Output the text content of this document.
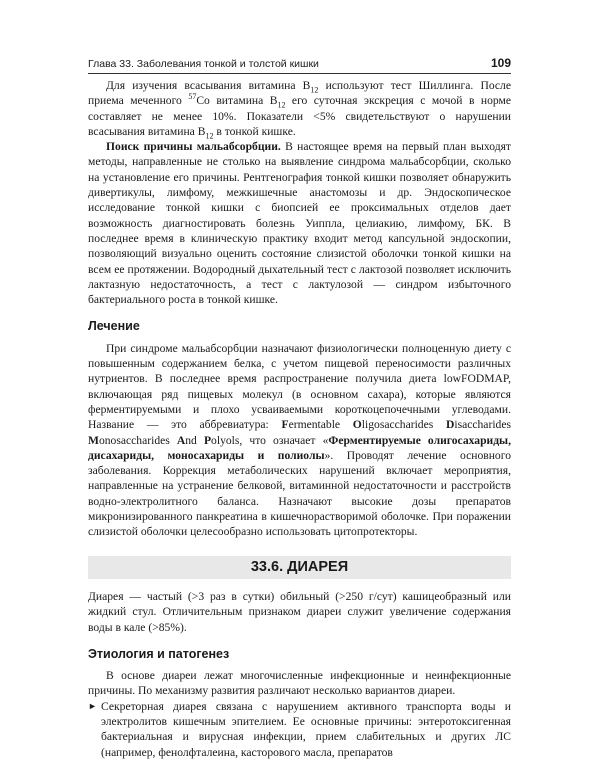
Глава 33. Заболевания тонкой и толстой кишки	109

Для изучения всасывания витамина $B_{12}$ используют тест Шиллинга. После приема меченного $^{57}$Co витамина $B_{12}$ его суточная экскреция с мочой в норме составляет не менее 10%. Показатели <5% свидетельствуют о нарушении всасывания витамина $B_{12}$ в тонкой кишке.

Поиск причины мальабсорбции. В настоящее время на первый план выходят методы, направленные не столько на выявление синдрома мальабсорбции, сколько на установление его причины. Рентгенография тонкой кишки позволяет обнаружить дивертикулы, лимфому, межкишечные анастомозы и др. Эндоскопическое исследование тонкой кишки с биопсией ее проксимальных отделов дает возможность диагностировать болезнь Уиппла, целиакию, лимфому, БК. В последнее время в клиническую практику входит метод капсульной эндоскопии, позволяющий визуально оценить состояние слизистой оболочки тонкой кишки на всем ее протяжении. Водородный дыхательный тест с лактозой позволяет исключить лактазную недостаточность, а тест с лактулозой — синдром избыточного бактериального роста в тонкой кишке.

Лечение

При синдроме мальабсорбции назначают физиологически полноценную диету с повышенным содержанием белка, с учетом пищевой переносимости различных нутриентов. В последнее время распространение получила диета lowFODMAP, включающая ряд пищевых молекул (в основном сахара), которые являются ферментируемыми и плохо усваиваемыми короткоцепочечными углеводами. Название — это аббревиатура: Fermentable Oligosaccharides Disaccharides Monosaccharides And Polyols, что означает «Ферментируемые олигосахариды, дисахариды, моносахариды и полиолы». Проводят лечение основного заболевания. Коррекция метаболических нарушений включает мероприятия, направленные на устранение белковой, витаминной недостаточности и расстройств водно-электролитного баланса. Назначают высокие дозы препаратов микронизированного панкреатина в кишечнорастворимой оболочке. При поражении слизистой оболочки целесообразно использовать цитопротекторы.

33.6. ДИАРЕЯ

Диарея — частый (>3 раз в сутки) обильный (>250 г/сут) кашицеобразный или жидкий стул. Отличительным признаком диареи служит увеличение содержания воды в кале (>85%).

Этиология и патогенез

В основе диареи лежат многочисленные инфекционные и неинфекционные причины. По механизму развития различают несколько вариантов диареи.

► Секреторная диарея связана с нарушением активного транспорта воды и электролитов кишечным эпителием. Ее основные причины: энтеротоксигенная бактериальная и вирусная инфекции, прием слабительных и других ЛС (например, фенолфталеина, касторового масла, препаратов
